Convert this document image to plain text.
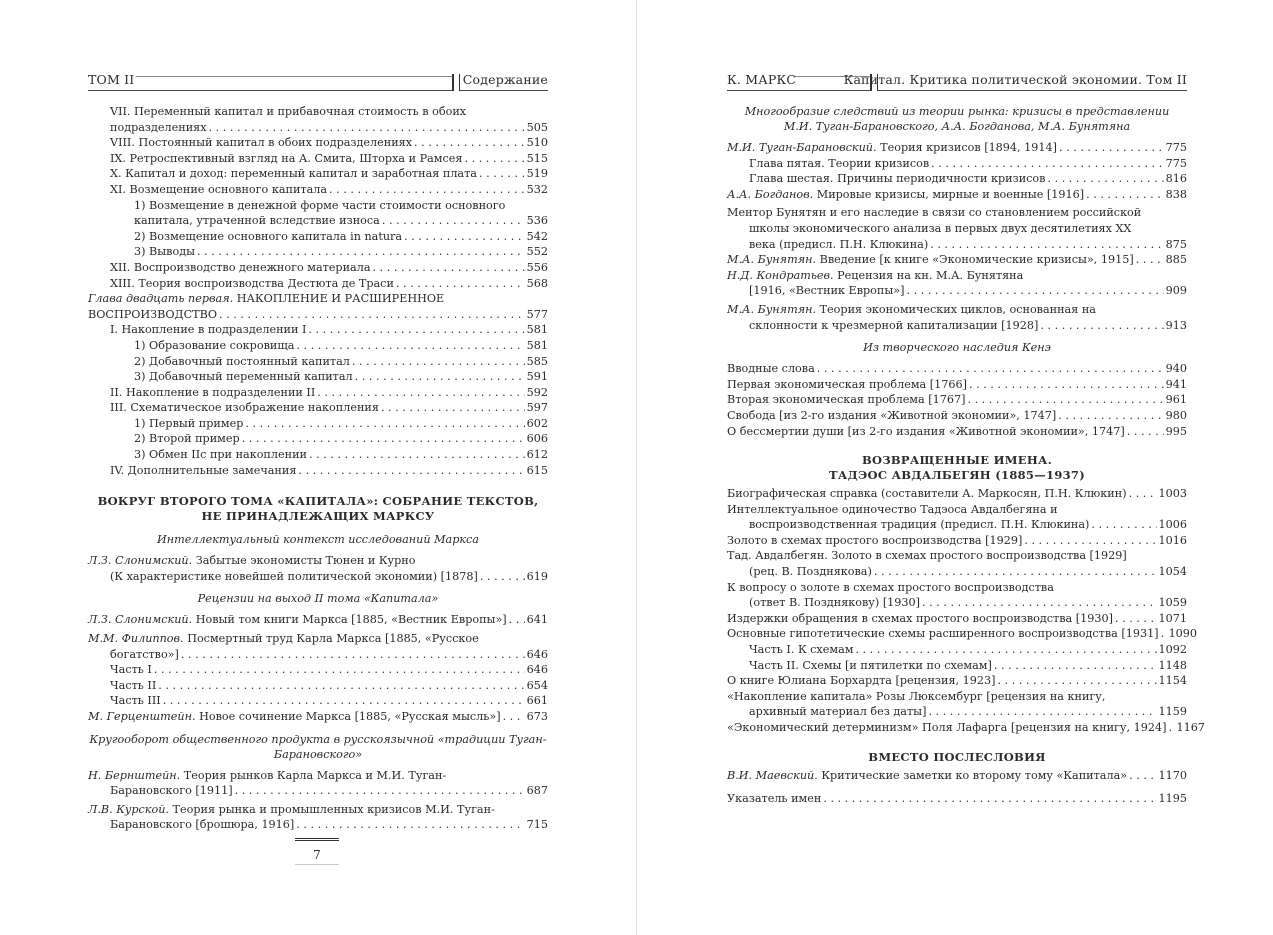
ТОМ II	Содержание
VII. Переменный капитал и прибавочная стоимость в обоих
подразделениях . . .	505
VIII. Постоянный капитал в обоих подразделениях . . .	510
IX. Ретроспективный взгляд на А. Смита, Шторха и Рамсея . . .	515
X. Капитал и доход: переменный капитал и заработная плата . . .	519
XI. Возмещение основного капитала . . .	532
1) Возмещение в денежной форме части стоимости основного
капитала, утраченной вследствие износа . . .	536
2) Возмещение основного капитала in natura . . .	542
3) Выводы . . .	552
XII. Воспроизводство денежного материала . . .	556
XIII. Теория воспроизводства Дестюта де Траси . . .	568
Глава двадцать первая. НАКОПЛЕНИЕ И РАСШИРЕННОЕ
ВОСПРОИЗВОДСТВО . . .	577
I. Накопление в подразделении I . . .	581
1) Образование сокровища . . .	581
2) Добавочный постоянный капитал . . .	585
3) Добавочный переменный капитал . . .	591
II. Накопление в подразделении II . . .	592
III. Схематическое изображение накопления . . .	597
1) Первый пример . . .	602
2) Второй пример . . .	606
3) Обмен IIc при накоплении . . .	612
IV. Дополнительные замечания . . .	615
ВОКРУГ ВТОРОГО ТОМА «КАПИТАЛА»: СОБРАНИЕ ТЕКСТОВ,
НЕ ПРИНАДЛЕЖАЩИХ МАРКСУ
Интеллектуальный контекст исследований Маркса
Л.З. Слонимский. Забытые экономисты Тюнен и Курно
(К характеристике новейшей политической экономии) [1878] . . .	619
Рецензии на выход II тома «Капитала»
Л.З. Слонимский. Новый том книги Маркса [1885, «Вестник Европы»] . . . 641
М.М. Филиппов. Посмертный труд Карла Маркса [1885, «Русское
богатство»] . . .	646
Часть I . . .	646
Часть II . . .	654
Часть III . . .	661
М. Герценштейн. Новое сочинение Маркса [1885, «Русская мысль»] . . . 673
Кругооборот общественного продукта в русскоязычной «традиции Туган-
Барановского»
Н. Бернштейн. Теория рынков Карла Маркса и М.И. Туган-
Барановского [1911] . . .	687
Л.В. Курской. Теория рынка и промышленных кризисов М.И. Туган-
Барановского [брошюра, 1916] . . .	715
7
К. МАРКС	Капитал. Критика политической экономии. Том II
Многообразие следствий из теории рынка: кризисы в представлении
М.И. Туган-Барановского, А.А. Богданова, М.А. Бунятяна
М.И. Туган-Барановский. Теория кризисов [1894, 1914] . . .	775
Глава пятая. Теории кризисов . . .	775
Глава шестая. Причины периодичности кризисов . . .	816
А.А. Богданов. Мировые кризисы, мирные и военные [1916] . . .	838
Ментор Бунятян и его наследие в связи со становлением российской
школы экономического анализа в первых двух десятилетиях XX
века (предисл. П.Н. Клюкина) . . .	875
М.А. Бунятян. Введение [к книге «Экономические кризисы», 1915] . . .	885
Н.Д. Кондратьев. Рецензия на кн. М.А. Бунятяна
[1916, «Вестник Европы»] . . .	909
М.А. Бунятян. Теория экономических циклов, основанная на
склонности к чрезмерной капитализации [1928] . . .	913
Из творческого наследия Кенэ
Вводные слова . . .	940
Первая экономическая проблема [1766] . . .	941
Вторая экономическая проблема [1767] . . .	961
Свобода [из 2-го издания «Животной экономии», 1747] . . .	980
О бессмертии души [из 2-го издания «Животной экономии», 1747] . . .	995
ВОЗВРАЩЕННЫЕ ИМЕНА.
ТАДЭОС АВДАЛБЕГЯН (1885—1937)
Биографическая справка (составители А. Маркосян, П.Н. Клюкин) . . .	1003
Интеллектуальное одиночество Тадэоса Авдалбегяна и
воспроизводственная традиция (предисл. П.Н. Клюкина) . . .	1006
Золото в схемах простого воспроизводства [1929] . . .	1016
Тад. Авдалбегян. Золото в схемах простого воспроизводства [1929]
(рец. В. Позднякова) . . .	1054
К вопросу о золоте в схемах простого воспроизводства
(ответ В. Позднякову) [1930] . . .	1059
Издержки обращения в схемах простого воспроизводства [1930] . . .	1071
Основные гипотетические схемы расширенного воспроизводства [1931] . . . 1090
Часть I. К схемам . . .	1092
Часть II. Схемы [и пятилетки по схемам] . . .	1148
О книге Юлиана Борхардта [рецензия, 1923] . . .	1154
«Накопление капитала» Розы Люксембург [рецензия на книгу,
архивный материал без даты] . . .	1159
«Экономический детерминизм» Поля Лафарга [рецензия на книгу, 1924] . . . 1167
ВМЕСТО ПОСЛЕСЛОВИЯ
В.И. Маевский. Критические заметки ко второму тому «Капитала» . . .	1170
Указатель имен . . .	1195
